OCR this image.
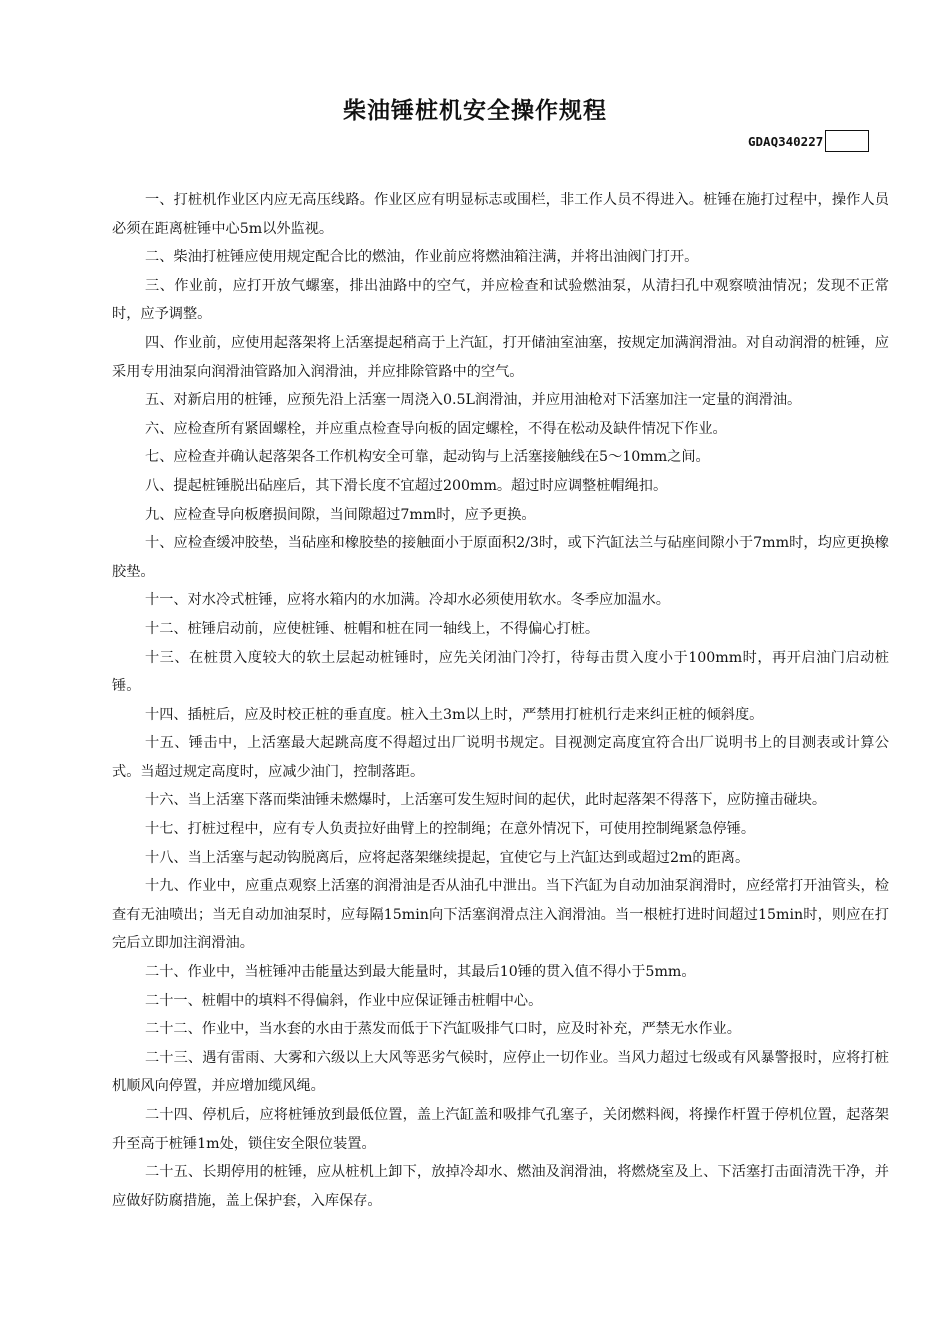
柴油锤桩机安全操作规程
GDAQ340227

一、打桩机作业区内应无高压线路。作业区应有明显标志或围栏，非工作人员不得进入。桩锤在施打过程中，操作人员必须在距离桩锤中心5m以外监视。

二、柴油打桩锤应使用规定配合比的燃油，作业前应将燃油箱注满，并将出油阀门打开。

三、作业前，应打开放气螺塞，排出油路中的空气，并应检查和试验燃油泵，从清扫孔中观察喷油情况；发现不正常时，应予调整。

四、作业前，应使用起落架将上活塞提起稍高于上汽缸，打开储油室油塞，按规定加满润滑油。对自动润滑的桩锤，应采用专用油泵向润滑油管路加入润滑油，并应排除管路中的空气。

五、对新启用的桩锤，应预先沿上活塞一周浇入0.5L润滑油，并应用油枪对下活塞加注一定量的润滑油。

六、应检查所有紧固螺栓，并应重点检查导向板的固定螺栓，不得在松动及缺件情况下作业。

七、应检查并确认起落架各工作机构安全可靠，起动钩与上活塞接触线在5～10mm之间。

八、提起桩锤脱出砧座后，其下滑长度不宜超过200mm。超过时应调整桩帽绳扣。

九、应检查导向板磨损间隙，当间隙超过7mm时，应予更换。

十、应检查缓冲胶垫，当砧座和橡胶垫的接触面小于原面积2/3时，或下汽缸法兰与砧座间隙小于7mm时，均应更换橡胶垫。

十一、对水冷式桩锤，应将水箱内的水加满。冷却水必须使用软水。冬季应加温水。

十二、桩锤启动前，应使桩锤、桩帽和桩在同一轴线上，不得偏心打桩。

十三、在桩贯入度较大的软土层起动桩锤时，应先关闭油门冷打，待每击贯入度小于100mm时，再开启油门启动桩锤。

十四、插桩后，应及时校正桩的垂直度。桩入土3m以上时，严禁用打桩机行走来纠正桩的倾斜度。

十五、锤击中，上活塞最大起跳高度不得超过出厂说明书规定。目视测定高度宜符合出厂说明书上的目测表或计算公式。当超过规定高度时，应减少油门，控制落距。

十六、当上活塞下落而柴油锤未燃爆时，上活塞可发生短时间的起伏，此时起落架不得落下，应防撞击碰块。

十七、打桩过程中，应有专人负责拉好曲臂上的控制绳；在意外情况下，可使用控制绳紧急停锤。

十八、当上活塞与起动钩脱离后，应将起落架继续提起，宜使它与上汽缸达到或超过2m的距离。

十九、作业中，应重点观察上活塞的润滑油是否从油孔中泄出。当下汽缸为自动加油泵润滑时，应经常打开油管头，检查有无油喷出；当无自动加油泵时，应每隔15min向下活塞润滑点注入润滑油。当一根桩打进时间超过15min时，则应在打完后立即加注润滑油。

二十、作业中，当桩锤冲击能量达到最大能量时，其最后10锤的贯入值不得小于5mm。

二十一、桩帽中的填料不得偏斜，作业中应保证锤击桩帽中心。

二十二、作业中，当水套的水由于蒸发而低于下汽缸吸排气口时，应及时补充，严禁无水作业。

二十三、遇有雷雨、大雾和六级以上大风等恶劣气候时，应停止一切作业。当风力超过七级或有风暴警报时，应将打桩机顺风向停置，并应增加缆风绳。

二十四、停机后，应将桩锤放到最低位置，盖上汽缸盖和吸排气孔塞子，关闭燃料阀，将操作杆置于停机位置，起落架升至高于桩锤1m处，锁住安全限位装置。

二十五、长期停用的桩锤，应从桩机上卸下，放掉冷却水、燃油及润滑油，将燃烧室及上、下活塞打击面清洗干净，并应做好防腐措施，盖上保护套，入库保存。
